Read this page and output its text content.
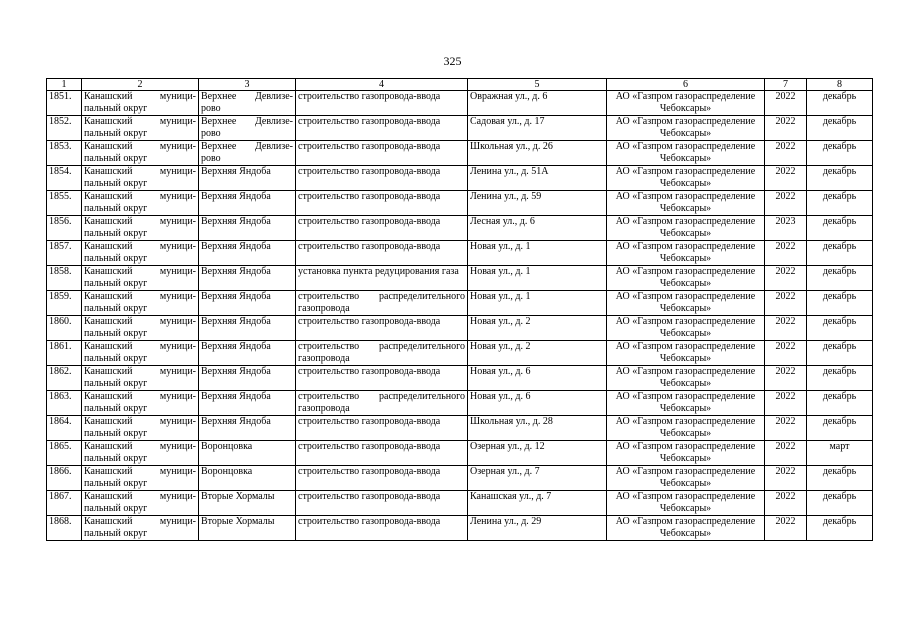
325
1	2	3	4	5	6	7	8
1851.	Канашский муници-пальный округ	Верхнее Девлизе-рово	строительство газопровода-ввода	Овражная ул., д. 6	АО «Газпром газораспределение Чебоксары»	2022	декабрь
1852.	Канашский муници-пальный округ	Верхнее Девлизе-рово	строительство газопровода-ввода	Садовая ул., д. 17	АО «Газпром газораспределение Чебоксары»	2022	декабрь
1853.	Канашский муници-пальный округ	Верхнее Девлизе-рово	строительство газопровода-ввода	Школьная ул., д. 26	АО «Газпром газораспределение Чебоксары»	2022	декабрь
1854.	Канашский муници-пальный округ	Верхняя Яндоба	строительство газопровода-ввода	Ленина ул., д. 51А	АО «Газпром газораспределение Чебоксары»	2022	декабрь
1855.	Канашский муници-пальный округ	Верхняя Яндоба	строительство газопровода-ввода	Ленина ул., д. 59	АО «Газпром газораспределение Чебоксары»	2022	декабрь
1856.	Канашский муници-пальный округ	Верхняя Яндоба	строительство газопровода-ввода	Лесная ул., д. 6	АО «Газпром газораспределение Чебоксары»	2023	декабрь
1857.	Канашский муници-пальный округ	Верхняя Яндоба	строительство газопровода-ввода	Новая ул., д. 1	АО «Газпром газораспределение Чебоксары»	2022	декабрь
1858.	Канашский муници-пальный округ	Верхняя Яндоба	установка пункта редуцирования газа	Новая ул., д. 1	АО «Газпром газораспределение Чебоксары»	2022	декабрь
1859.	Канашский муници-пальный округ	Верхняя Яндоба	строительство распределительного газопровода	Новая ул., д. 1	АО «Газпром газораспределение Чебоксары»	2022	декабрь
1860.	Канашский муници-пальный округ	Верхняя Яндоба	строительство газопровода-ввода	Новая ул., д. 2	АО «Газпром газораспределение Чебоксары»	2022	декабрь
1861.	Канашский муници-пальный округ	Верхняя Яндоба	строительство распределительного газопровода	Новая ул., д. 2	АО «Газпром газораспределение Чебоксары»	2022	декабрь
1862.	Канашский муници-пальный округ	Верхняя Яндоба	строительство газопровода-ввода	Новая ул., д. 6	АО «Газпром газораспределение Чебоксары»	2022	декабрь
1863.	Канашский муници-пальный округ	Верхняя Яндоба	строительство распределительного газопровода	Новая ул., д. 6	АО «Газпром газораспределение Чебоксары»	2022	декабрь
1864.	Канашский муници-пальный округ	Верхняя Яндоба	строительство газопровода-ввода	Школьная ул., д. 28	АО «Газпром газораспределение Чебоксары»	2022	декабрь
1865.	Канашский муници-пальный округ	Воронцовка	строительство газопровода-ввода	Озерная ул., д. 12	АО «Газпром газораспределение Чебоксары»	2022	март
1866.	Канашский муници-пальный округ	Воронцовка	строительство газопровода-ввода	Озерная ул., д. 7	АО «Газпром газораспределение Чебоксары»	2022	декабрь
1867.	Канашский муници-пальный округ	Вторые Хормалы	строительство газопровода-ввода	Канашская ул., д. 7	АО «Газпром газораспределение Чебоксары»	2022	декабрь
1868.	Канашский муници-пальный округ	Вторые Хормалы	строительство газопровода-ввода	Ленина ул., д. 29	АО «Газпром газораспределение Чебоксары»	2022	декабрь
